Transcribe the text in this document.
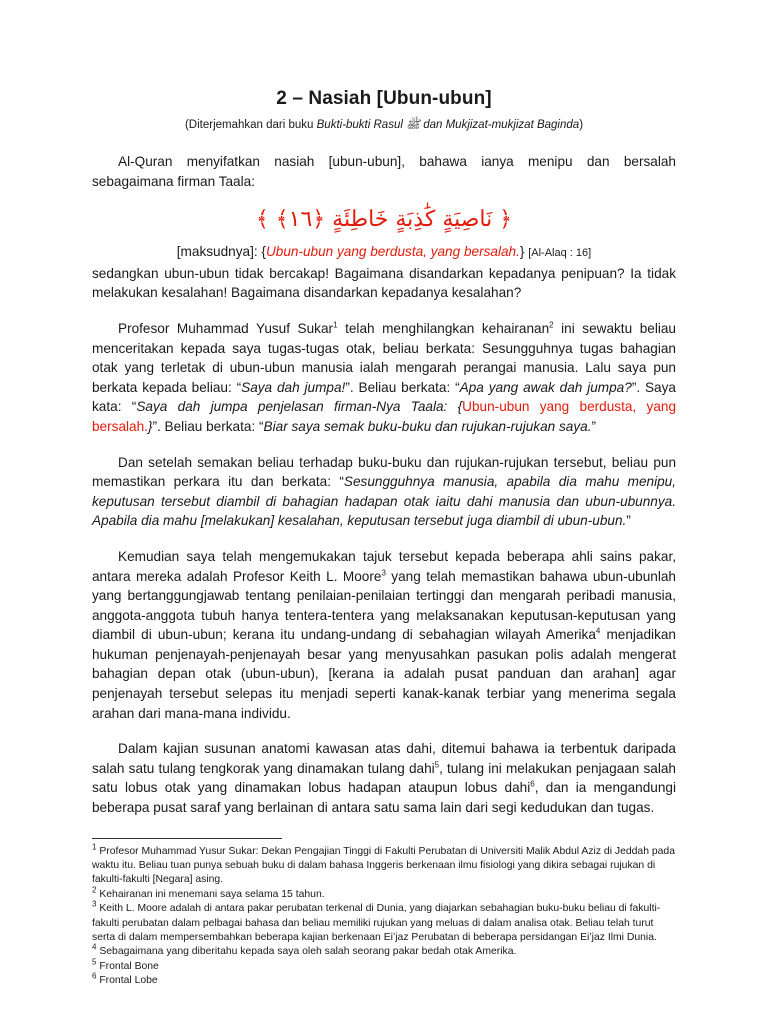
2 – Nasiah [Ubun-ubun]
(Diterjemahkan dari buku Bukti-bukti Rasul ﷺ dan Mukjizat-mukjizat Baginda)

Al-Quran menyifatkan nasiah [ubun-ubun], bahawa ianya menipu dan bersalah sebagaimana firman Taala:

﴿ نَاصِيَةٍ كَٰذِبَةٍ خَاطِئَةٍ ﴿١٦﴾ ﴾

[maksudnya]: {Ubun-ubun yang berdusta, yang bersalah.} [Al-Alaq : 16]

sedangkan ubun-ubun tidak bercakap! Bagaimana disandarkan kepadanya penipuan? Ia tidak melakukan kesalahan! Bagaimana disandarkan kepadanya kesalahan?

Profesor Muhammad Yusuf Sukar$^1$ telah menghilangkan kehairanan$^2$ ini sewaktu beliau menceritakan kepada saya tugas-tugas otak, beliau berkata: Sesungguhnya tugas bahagian otak yang terletak di ubun-ubun manusia ialah mengarah perangai manusia. Lalu saya pun berkata kepada beliau: “Saya dah jumpa!”. Beliau berkata: “Apa yang awak dah jumpa?”. Saya kata: “Saya dah jumpa penjelasan firman-Nya Taala: {Ubun-ubun yang berdusta, yang bersalah.}”. Beliau berkata: “Biar saya semak buku-buku dan rujukan-rujukan saya.”

Dan setelah semakan beliau terhadap buku-buku dan rujukan-rujukan tersebut, beliau pun memastikan perkara itu dan berkata: “Sesungguhnya manusia, apabila dia mahu menipu, keputusan tersebut diambil di bahagian hadapan otak iaitu dahi manusia dan ubun-ubunnya. Apabila dia mahu [melakukan] kesalahan, keputusan tersebut juga diambil di ubun-ubun.”

Kemudian saya telah mengemukakan tajuk tersebut kepada beberapa ahli sains pakar, antara mereka adalah Profesor Keith L. Moore$^3$ yang telah memastikan bahawa ubun-ubunlah yang bertanggungjawab tentang penilaian-penilaian tertinggi dan mengarah peribadi manusia, anggota-anggota tubuh hanya tentera-tentera yang melaksanakan keputusan-keputusan yang diambil di ubun-ubun; kerana itu undang-undang di sebahagian wilayah Amerika$^4$ menjadikan hukuman penjenayah-penjenayah besar yang menyusahkan pasukan polis adalah mengerat bahagian depan otak (ubun-ubun), [kerana ia adalah pusat panduan dan arahan] agar penjenayah tersebut selepas itu menjadi seperti kanak-kanak terbiar yang menerima segala arahan dari mana-mana individu.

Dalam kajian susunan anatomi kawasan atas dahi, ditemui bahawa ia terbentuk daripada salah satu tulang tengkorak yang dinamakan tulang dahi$^5$, tulang ini melakukan penjagaan salah satu lobus otak yang dinamakan lobus hadapan ataupun lobus dahi$^6$, dan ia mengandungi beberapa pusat saraf yang berlainan di antara satu sama lain dari segi kedudukan dan tugas.

$^1$ Profesor Muhammad Yusur Sukar: Dekan Pengajian Tinggi di Fakulti Perubatan di Universiti Malik Abdul Aziz di Jeddah pada waktu itu. Beliau tuan punya sebuah buku di dalam bahasa Inggeris berkenaan ilmu fisiologi yang dikira sebagai rujukan di fakulti-fakulti [Negara] asing.

$^2$ Kehairanan ini menemani saya selama 15 tahun.

$^3$ Keith L. Moore adalah di antara pakar perubatan terkenal di Dunia, yang diajarkan sebahagian buku-buku beliau di fakulti-fakulti perubatan dalam pelbagai bahasa dan beliau memiliki rujukan yang meluas di dalam analisa otak. Beliau telah turut serta di dalam mempersembahkan beberapa kajian berkenaan Ei’jaz Perubatan di beberapa persidangan Ei’jaz Ilmi Dunia.

$^4$ Sebagaimana yang diberitahu kepada saya oleh salah seorang pakar bedah otak Amerika.

$^5$ Frontal Bone

$^6$ Frontal Lobe
